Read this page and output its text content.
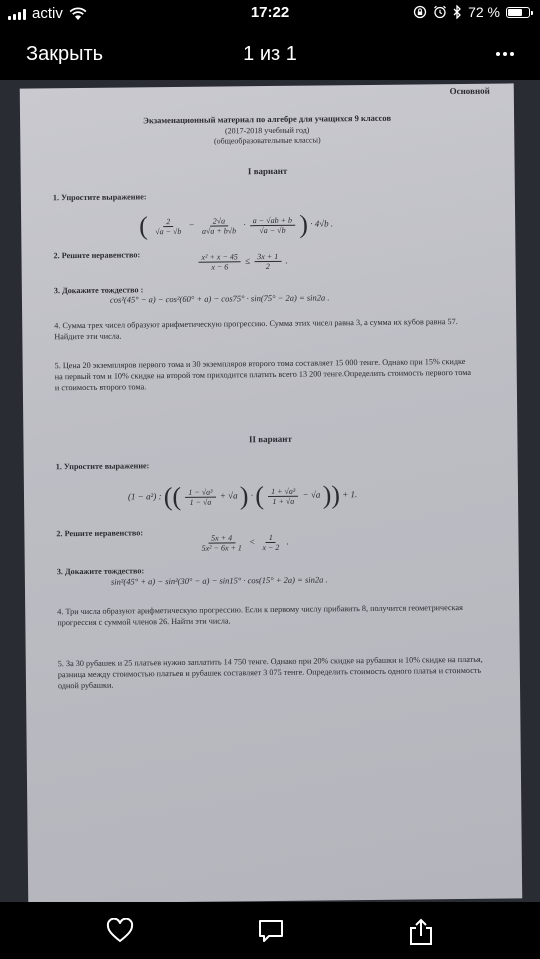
activ	17:22	72 %
Закрыть	1 из 1
Основной
Экзаменационный материал по алгебре для учащихся 9 классов
(2017-2018 учебный год)
(общеобразовательные классы)
I вариант
1. Упростите выражение:
( $\frac{2}{√a - √b} - \frac{2√a}{a√a + b√b} \cdot \frac{a - √ab + b}{√a - √b}$ ) · 4√b .
2. Решите неравенство:	$\frac{\text{x² + x − 45}}{x - 6} \le \frac{3x + 1}{2}$ .
3. Докажите тождество :
cos²(45° − a) − cos²(60° + a) − cos75° · sin(75° − 2a) = sin2a .
4. Сумма трех чисел образуют арифметическую прогрессию. Сумма этих чисел равна 3, а сумма их кубов равна 57. Найдите эти числа.
5. Цена 20 экземпляров первого тома и 30 экземпляров второго тома составляет 15 000 тенге. Однако при 15% скидке на первый том и 10% скидке на второй том приходится платить всего 13 200 тенге.Определить стоимость первого тома и стоимость второго тома.
II вариант
1. Упростите выражение:
(1 − a²) : (( $\frac{\text{1 − √a³}}{1 - √a} + √a$ ) · ( $\frac{\text{1 + √a³}}{1 + √a} - √a$ )) + 1.
2. Решите неравенство:	$\frac{5x + 4}{\text{5x² − 6x + 1}} < \frac{1}{x - 2}$ .
3. Докажите тождество:
sin²(45° + a) − sin²(30° − a) − sin15° · cos(15° + 2a) = sin2a .
4. Три числа образуют арифметическую прогрессию. Если к первому числу прибавить 8, получится геометрическая прогрессия с суммой членов 26. Найти эти числа.
5. За 30 рубашек и 25 платьев нужно заплатить 14 750 тенге. Однако при 20% скидке на рубашки и 10% скидке на платья, разница между стоимостью платьев и рубашек составляет 3 075 тенге. Определить стоимость одного платья и стоимость одной рубашки.
